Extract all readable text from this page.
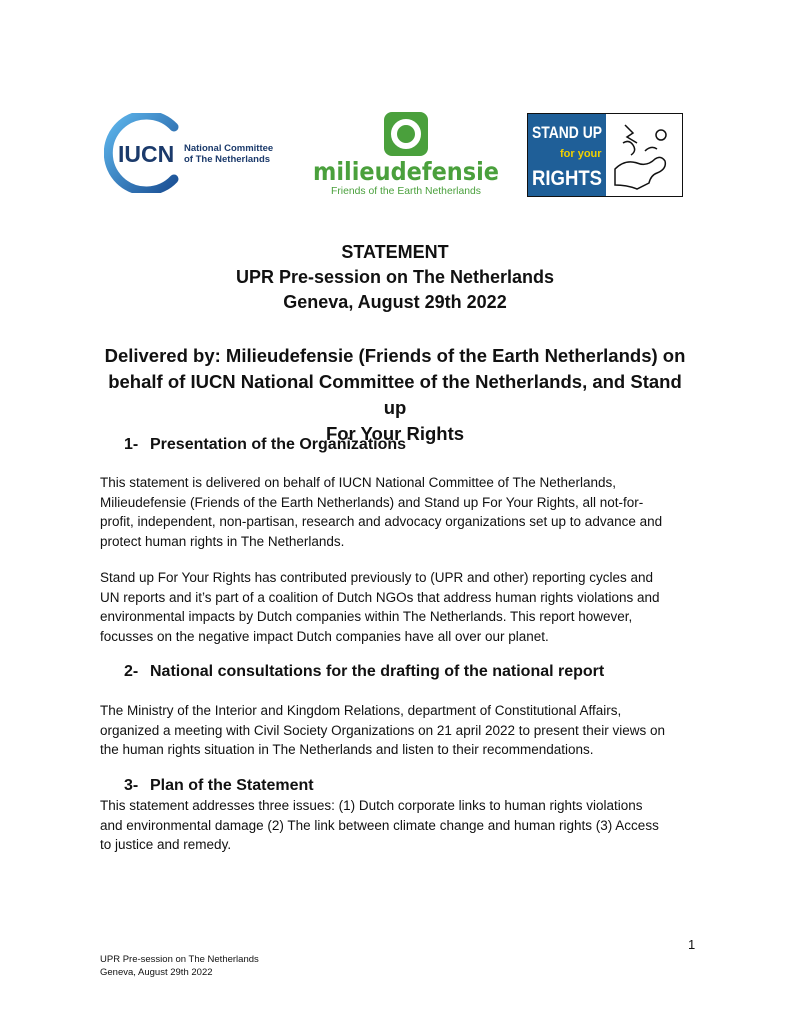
IUCN National Committee
of The Netherlands milieudefensie
Friends of the Earth Netherlands
STAND UP
for your
RIGHTS
STATEMENT
UPR Pre-session on The Netherlands
Geneva, August 29th 2022
Delivered by: Milieudefensie (Friends of the Earth Netherlands) on
behalf of IUCN National Committee of the Netherlands, and Stand up
For Your Rights
1- Presentation of the Organizations
This statement is delivered on behalf of IUCN National Committee of The Netherlands,
Milieudefensie (Friends of the Earth Netherlands) and Stand up For Your Rights, all not-for-
profit, independent, non-partisan, research and advocacy organizations set up to advance and
protect human rights in The Netherlands.
Stand up For Your Rights has contributed previously to (UPR and other) reporting cycles and
UN reports and it’s part of a coalition of Dutch NGOs that address human rights violations and
environmental impacts by Dutch companies within The Netherlands. This report however,
focusses on the negative impact Dutch companies have all over our planet.
2- National consultations for the drafting of the national report
The Ministry of the Interior and Kingdom Relations, department of Constitutional Affairs,
organized a meeting with Civil Society Organizations on 21 april 2022 to present their views on
the human rights situation in The Netherlands and listen to their recommendations.
3- Plan of the Statement
This statement addresses three issues: (1) Dutch corporate links to human rights violations
and environmental damage (2) The link between climate change and human rights (3) Access
to justice and remedy.
1
UPR Pre-session on The Netherlands
Geneva, August 29th 2022
